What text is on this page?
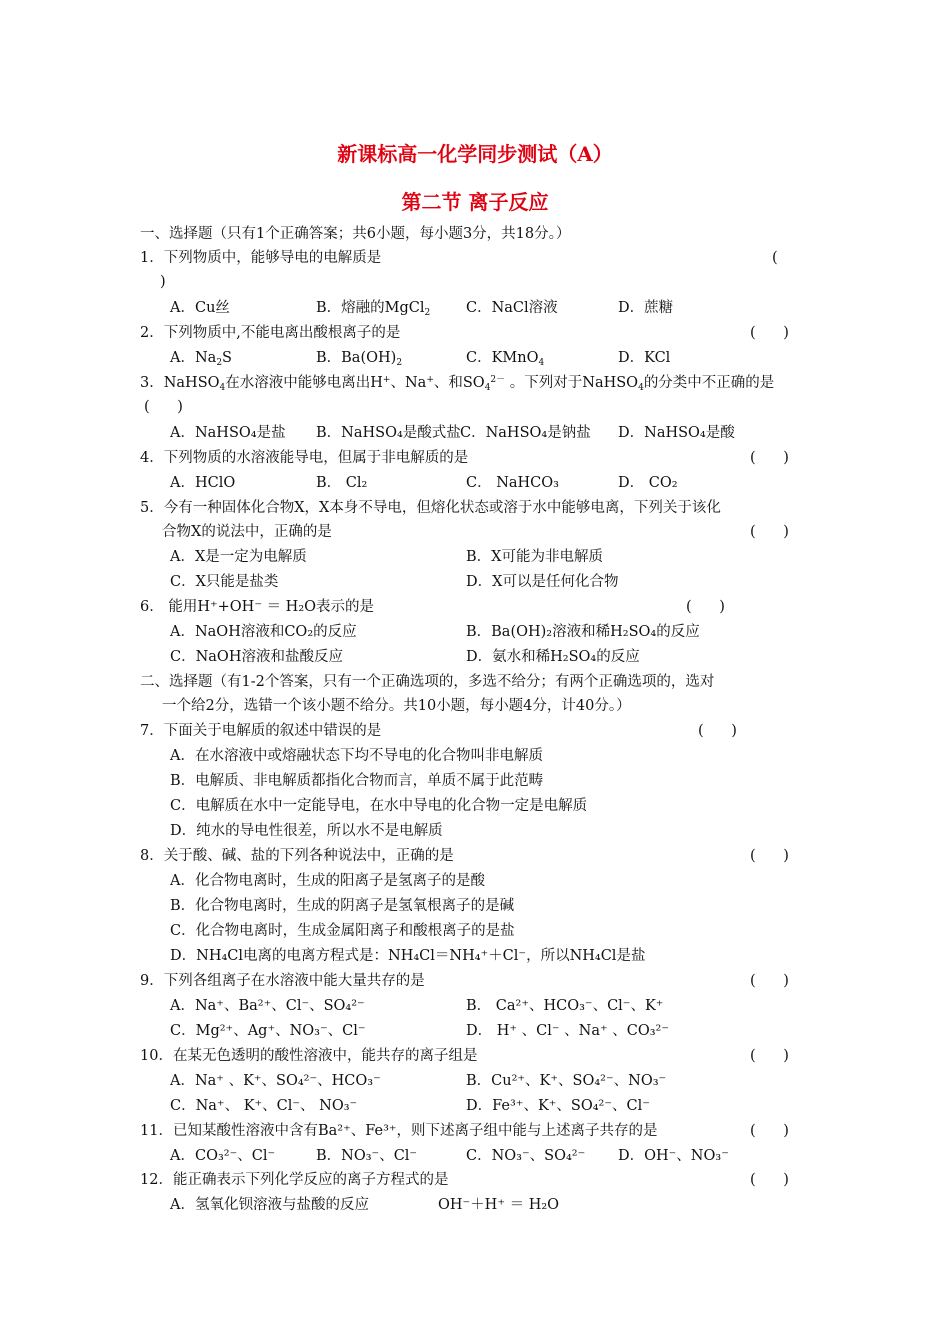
新课标高一化学同步测试（A）
第二节 离子反应
一、选择题（只有1个正确答案；共6小题，每小题3分，共18分。）
1．下列物质中，能够导电的电解质是	(
)
A．Cu丝	B．熔融的MgCl$_2$ C．NaCl溶液	D．蔗糖
2．下列物质中,不能电离出酸根离子的是	(      )
A．$Na_2S$	B．$Ba(OH)_2$	C．KMnO$_4$	D．KCl
3．NaHSO$_4$在水溶液中能够电离出H+、Na+、和$SO_4^{2-}$ 。下列对于NaHSO$_4$的分类中不正确的是
(      )
A．NaHSO₄是盐 B．NaHSO₄是酸式盐 C．NaHSO₄是钠盐 D．NaHSO₄是酸
4．下列物质的水溶液能导电，但属于非电解质的是	(      )
A．HClO	B． Cl₂	C． NaHCO₃	D． CO₂
5．今有一种固体化合物X，X本身不导电，但熔化状态或溶于水中能够电离，下列关于该化
合物X的说法中，正确的是	(      )
A．X是一定为电解质	B．X可能为非电解质
C．X只能是盐类	D．X可以是任何化合物
6． 能用H⁺+OH⁻ ＝ H₂O表示的是	(      )
A．NaOH溶液和CO₂的反应	B．Ba(OH)₂溶液和稀H₂SO₄的反应
C．NaOH溶液和盐酸反应	D．氨水和稀H₂SO₄的反应
二、选择题（有1-2个答案，只有一个正确选项的，多选不给分；有两个正确选项的，选对
一个给2分，选错一个该小题不给分。共10小题，每小题4分，计40分。）
7．下面关于电解质的叙述中错误的是	(      )
A．在水溶液中或熔融状态下均不导电的化合物叫非电解质
B．电解质、非电解质都指化合物而言，单质不属于此范畴
C．电解质在水中一定能导电，在水中导电的化合物一定是电解质
D．纯水的导电性很差，所以水不是电解质
8．关于酸、碱、盐的下列各种说法中，正确的是	(      )
A．化合物电离时，生成的阳离子是氢离子的是酸
B．化合物电离时，生成的阴离子是氢氧根离子的是碱
C．化合物电离时，生成金属阳离子和酸根离子的是盐
D．NH₄Cl电离的电离方程式是：NH₄Cl＝NH₄⁺＋Cl⁻，所以NH₄Cl是盐
9．下列各组离子在水溶液中能大量共存的是	(      )
A．Na⁺、Ba²⁺、Cl⁻、SO₄²⁻	B． Ca²⁺、HCO₃⁻、Cl⁻、K⁺
C．Mg²⁺、Ag⁺、NO₃⁻、Cl⁻	D． H⁺ 、Cl⁻ 、Na⁺ 、CO₃²⁻
10．在某无色透明的酸性溶液中，能共存的离子组是	(      )
A．Na⁺ 、K⁺、SO₄²⁻、HCO₃⁻	B．Cu²⁺、K⁺、SO₄²⁻、NO₃⁻
C．Na⁺、 K⁺、Cl⁻、 NO₃⁻	D．Fe³⁺、K⁺、SO₄²⁻、Cl⁻
11．已知某酸性溶液中含有Ba²⁺、Fe³⁺，则下述离子组中能与上述离子共存的是	(      )
A．CO₃²⁻、Cl⁻	B．NO₃⁻、Cl⁻	C．NO₃⁻、SO₄²⁻ D．OH⁻、NO₃⁻
12．能正确表示下列化学反应的离子方程式的是	(      )
A．氢氧化钡溶液与盐酸的反应	OH⁻＋H⁺ ＝ H₂O
